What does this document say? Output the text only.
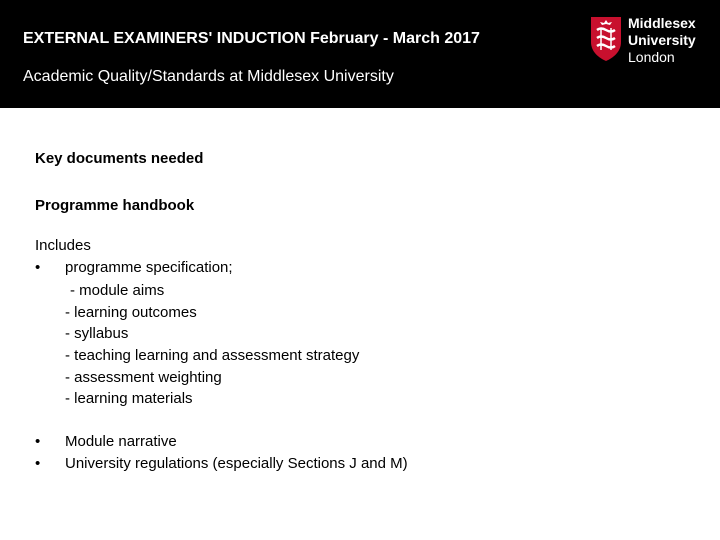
EXTERNAL EXAMINERS' INDUCTION February - March 2017
Academic Quality/Standards at Middlesex University
Middlesex
University
London
Key documents needed
Programme handbook
Includes
•	programme specification;
- module aims
- learning outcomes
- syllabus
- teaching learning and assessment strategy
- assessment weighting
- learning materials
•	Module narrative
•	University regulations (especially Sections J and M)
